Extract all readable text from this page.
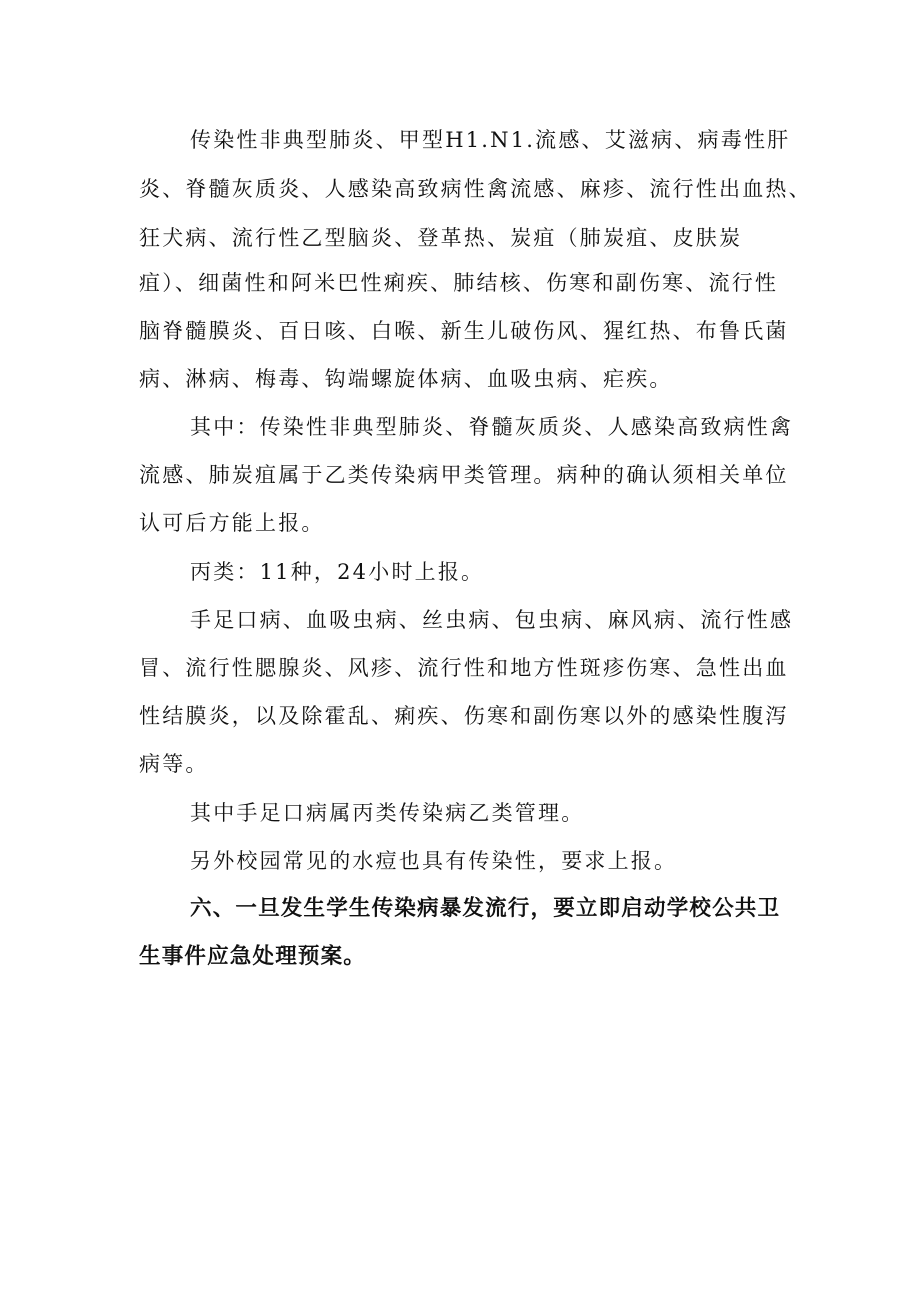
传染性非典型肺炎、甲型H1.N1.流感、艾滋病、病毒性肝
炎、脊髓灰质炎、人感染高致病性禽流感、麻疹、流行性出血热、
狂犬病、流行性乙型脑炎、登革热、炭疽（肺炭疽、皮肤炭
疽）、细菌性和阿米巴性痢疾、肺结核、伤寒和副伤寒、流行性
脑脊髓膜炎、百日咳、白喉、新生儿破伤风、猩红热、布鲁氏菌
病、淋病、梅毒、钩端螺旋体病、血吸虫病、疟疾。
其中：传染性非典型肺炎、脊髓灰质炎、人感染高致病性禽
流感、肺炭疽属于乙类传染病甲类管理。病种的确认须相关单位
认可后方能上报。
丙类：11种，24小时上报。
手足口病、血吸虫病、丝虫病、包虫病、麻风病、流行性感
冒、流行性腮腺炎、风疹、流行性和地方性斑疹伤寒、急性出血
性结膜炎，以及除霍乱、痢疾、伤寒和副伤寒以外的感染性腹泻
病等。
其中手足口病属丙类传染病乙类管理。
另外校园常见的水痘也具有传染性，要求上报。
六、一旦发生学生传染病暴发流行，要立即启动学校公共卫
生事件应急处理预案。
